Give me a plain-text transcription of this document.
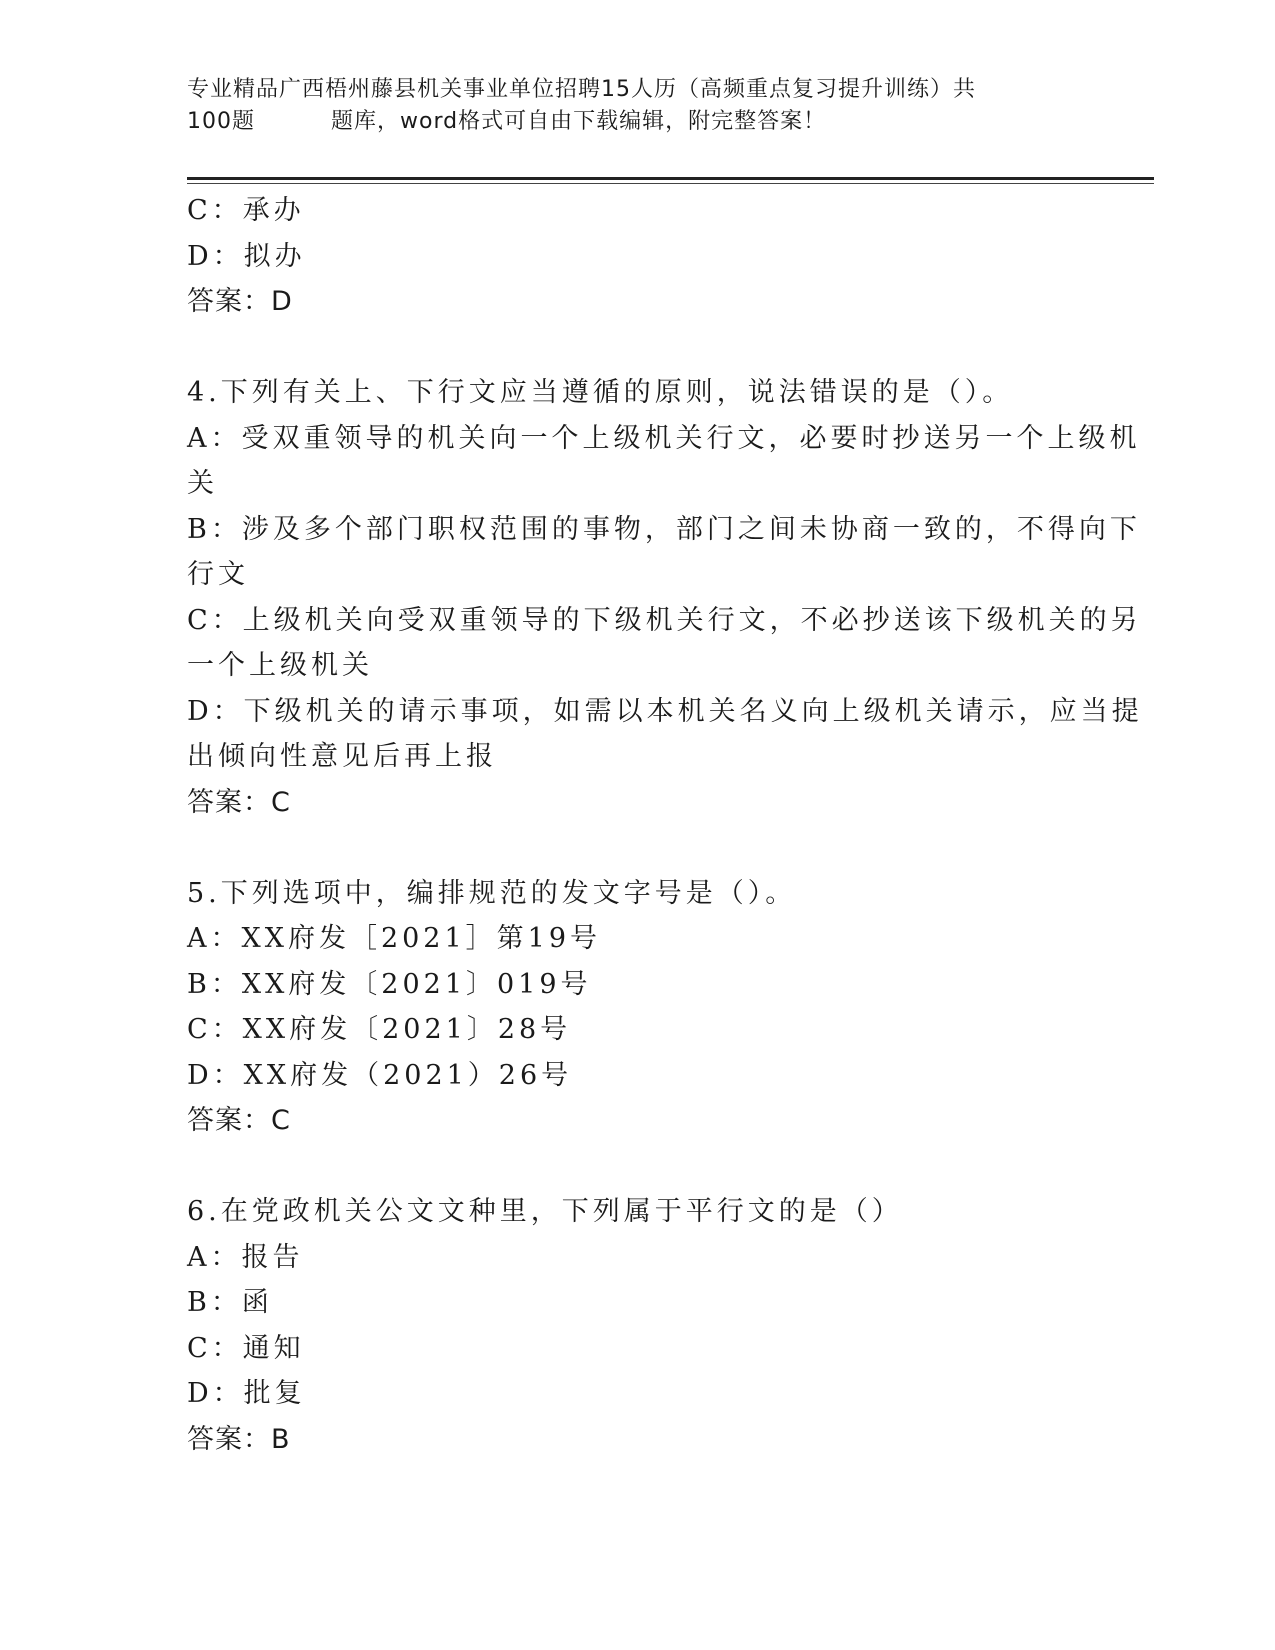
专业精品广西梧州藤县机关事业单位招聘15人历（高频重点复习提升训练）共
100题	题库，word格式可自由下载编辑，附完整答案！

C：承办

D：拟办

答案：D

4.下列有关上、下行文应当遵循的原则，说法错误的是（）。

A：受双重领导的机关向一个上级机关行文，必要时抄送另一个上级机

关

B：涉及多个部门职权范围的事物，部门之间未协商一致的，不得向下

行文

C：上级机关向受双重领导的下级机关行文，不必抄送该下级机关的另

一个上级机关

D：下级机关的请示事项，如需以本机关名义向上级机关请示，应当提

出倾向性意见后再上报

答案：C

5.下列选项中，编排规范的发文字号是（）。

A：XX府发［2021］第19号

B：XX府发〔2021〕019号

C：XX府发〔2021〕28号

D：XX府发（2021）26号

答案：C

6.在党政机关公文文种里，下列属于平行文的是（）

A：报告

B：函

C：通知

D：批复

答案：B
